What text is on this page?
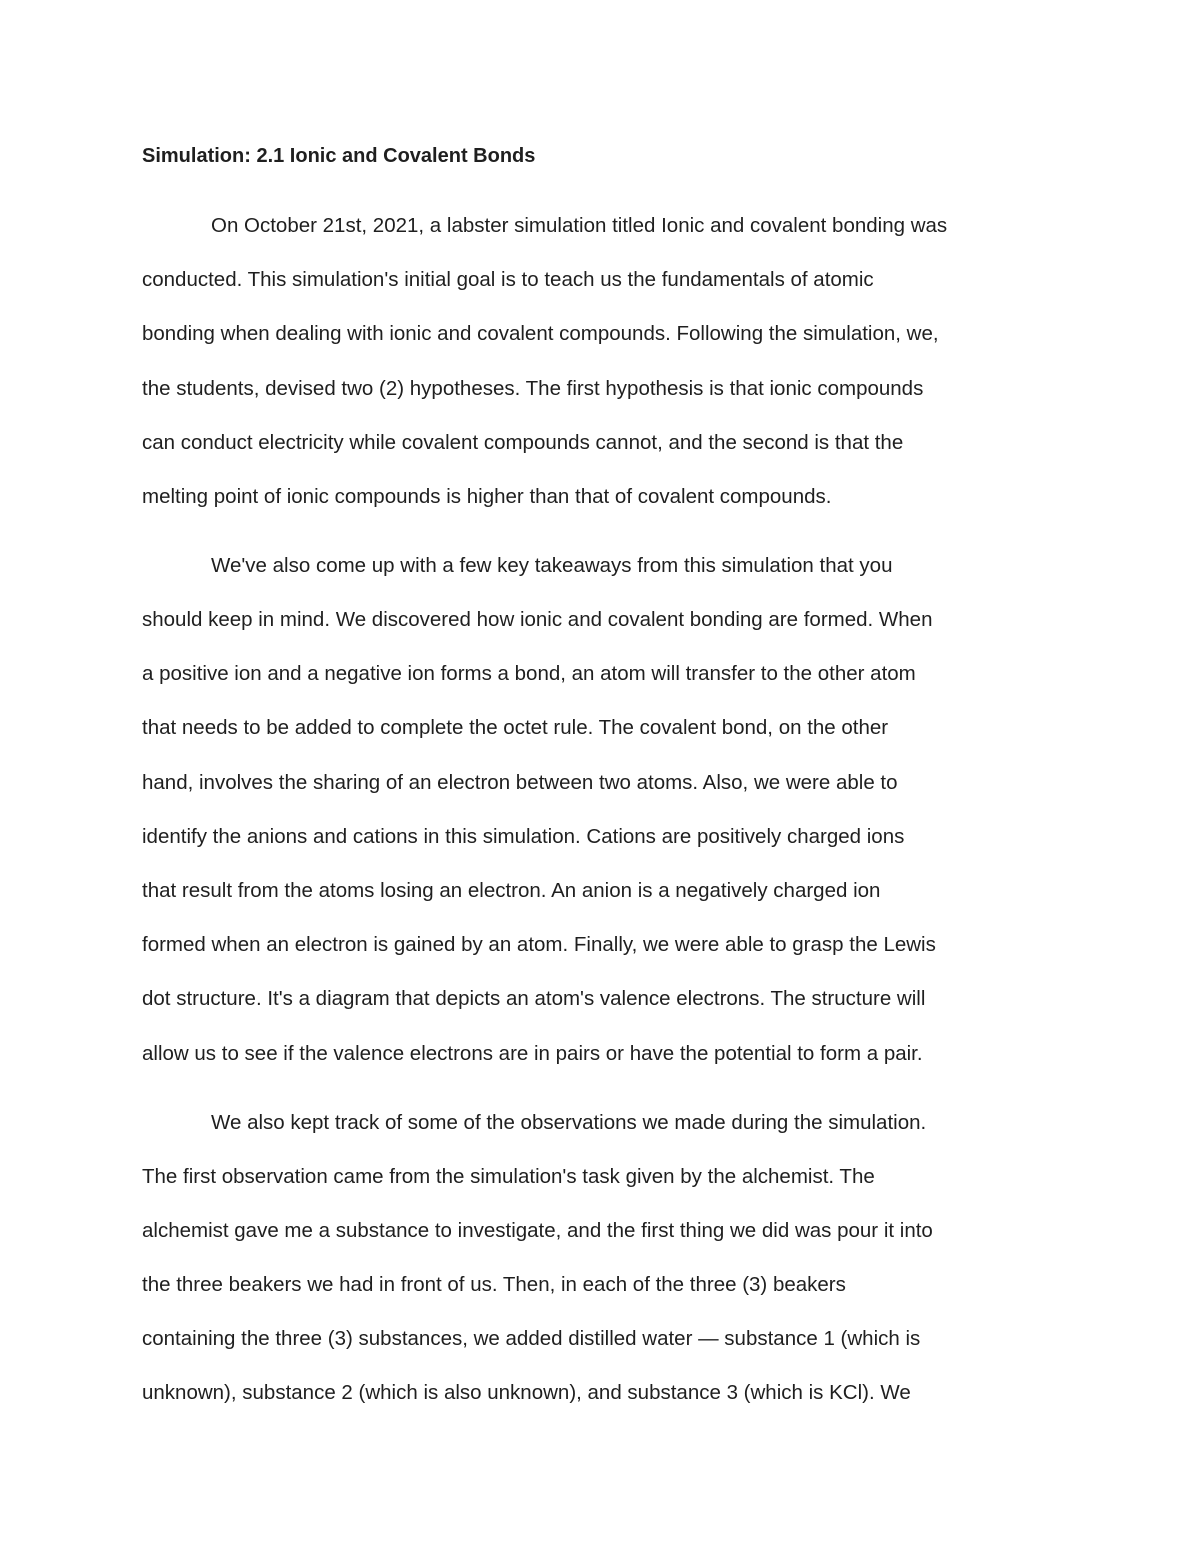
Simulation: 2.1 Ionic and Covalent Bonds

On October 21st, 2021, a labster simulation titled Ionic and covalent bonding was

conducted. This simulation's initial goal is to teach us the fundamentals of atomic

bonding when dealing with ionic and covalent compounds. Following the simulation, we,

the students, devised two (2) hypotheses. The first hypothesis is that ionic compounds

can conduct electricity while covalent compounds cannot, and the second is that the

melting point of ionic compounds is higher than that of covalent compounds.

We've also come up with a few key takeaways from this simulation that you

should keep in mind. We discovered how ionic and covalent bonding are formed. When

a positive ion and a negative ion forms a bond, an atom will transfer to the other atom

that needs to be added to complete the octet rule. The covalent bond, on the other

hand, involves the sharing of an electron between two atoms. Also, we were able to

identify the anions and cations in this simulation. Cations are positively charged ions

that result from the atoms losing an electron. An anion is a negatively charged ion

formed when an electron is gained by an atom. Finally, we were able to grasp the Lewis

dot structure. It's a diagram that depicts an atom's valence electrons. The structure will

allow us to see if the valence electrons are in pairs or have the potential to form a pair.

We also kept track of some of the observations we made during the simulation.

The first observation came from the simulation's task given by the alchemist. The

alchemist gave me a substance to investigate, and the first thing we did was pour it into

the three beakers we had in front of us. Then, in each of the three (3) beakers

containing the three (3) substances, we added distilled water — substance 1 (which is

unknown), substance 2 (which is also unknown), and substance 3 (which is KCl). We
